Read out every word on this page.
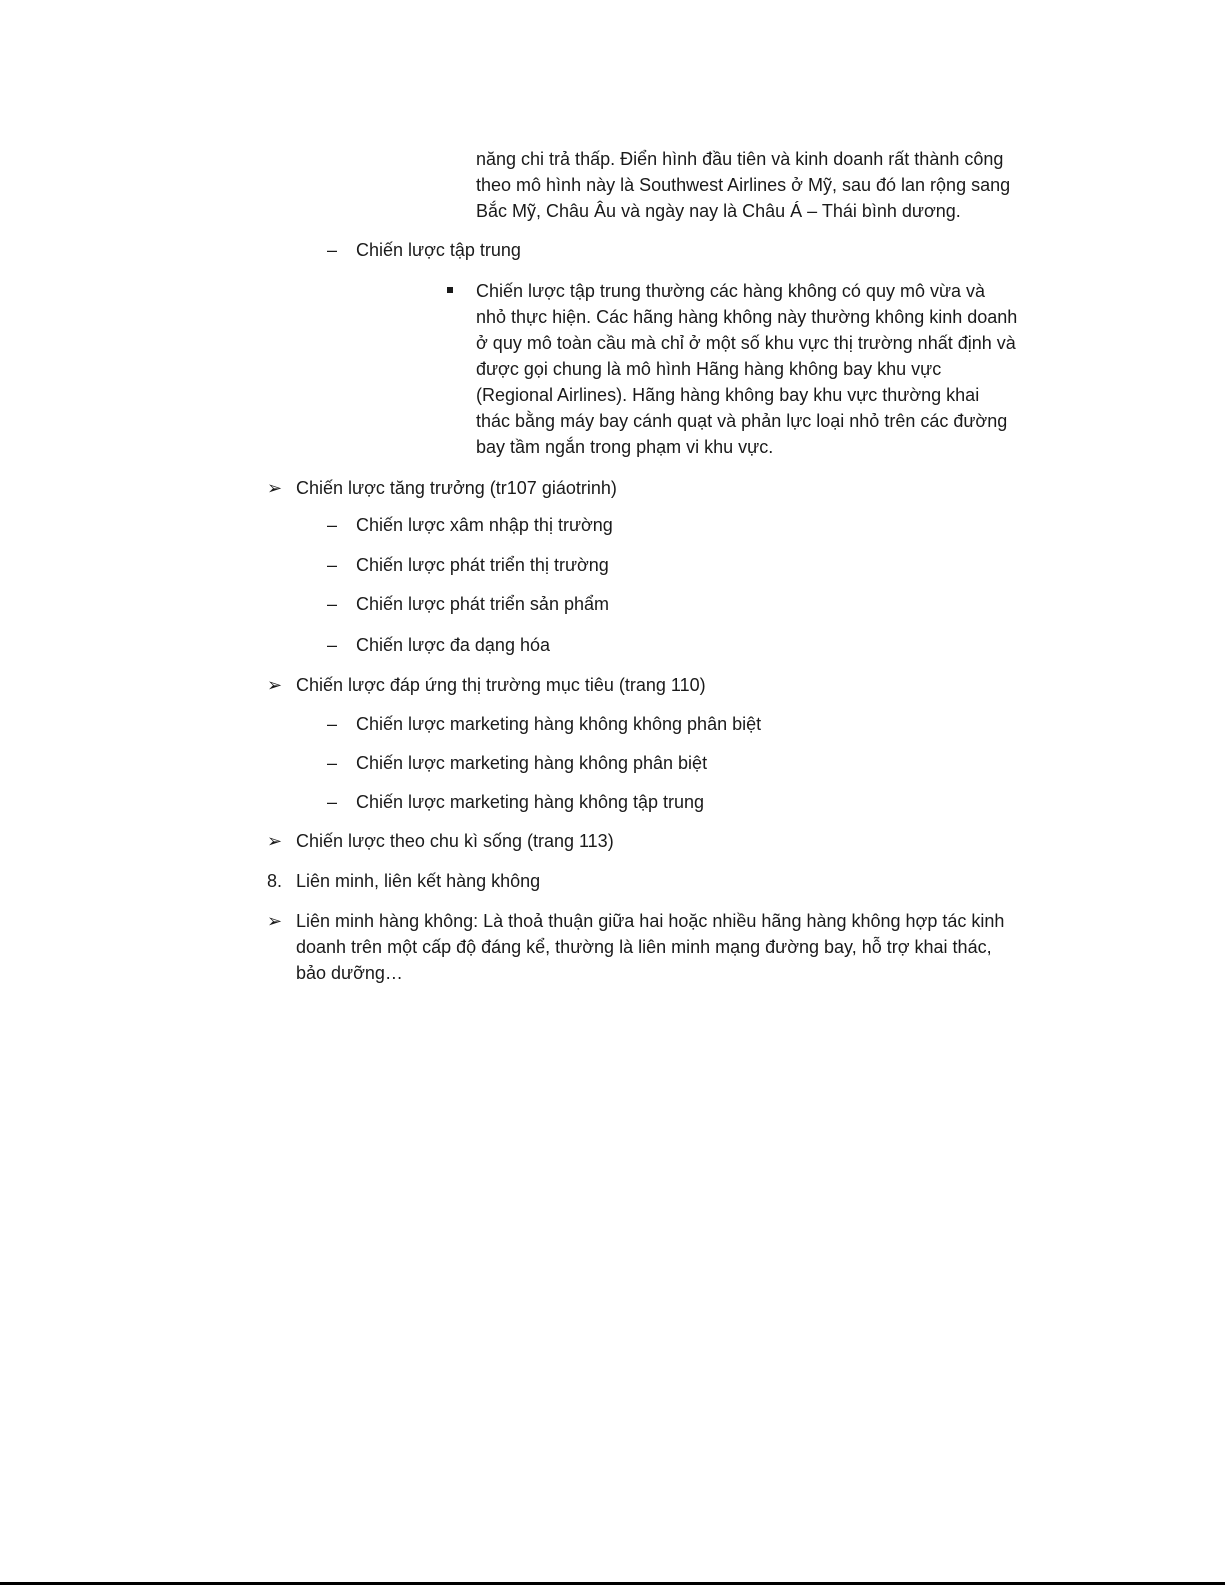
năng chi trả thấp. Điển hình đầu tiên và kinh doanh rất thành công theo mô hình này là Southwest Airlines ở Mỹ, sau đó lan rộng sang Bắc Mỹ, Châu Âu và ngày nay là Châu Á – Thái bình dương.
– Chiến lược tập trung
Chiến lược tập trung thường các hàng không có quy mô vừa và nhỏ thực hiện. Các hãng hàng không này thường không kinh doanh ở quy mô toàn cầu mà chỉ ở một số khu vực thị trường nhất định và được gọi chung là mô hình Hãng hàng không bay khu vực (Regional Airlines). Hãng hàng không bay khu vực thường khai thác bằng máy bay cánh quạt và phản lực loại nhỏ trên các đường bay tầm ngắn trong phạm vi khu vực.
➢ Chiến lược tăng trưởng (tr107 giáotrinh)
– Chiến lược xâm nhập thị trường
– Chiến lược phát triển thị trường
– Chiến lược phát triển sản phẩm
– Chiến lược đa dạng hóa
➢ Chiến lược đáp ứng thị trường mục tiêu (trang 110)
– Chiến lược marketing hàng không không phân biệt
– Chiến lược marketing hàng không phân biệt
– Chiến lược marketing hàng không tập trung
➢ Chiến lược theo chu kì sống (trang 113)
8. Liên minh, liên kết hàng không
➢ Liên minh hàng không: Là thoả thuận giữa hai hoặc nhiều hãng hàng không hợp tác kinh doanh trên một cấp độ đáng kể, thường là liên minh mạng đường bay, hỗ trợ khai thác, bảo dưỡng…
